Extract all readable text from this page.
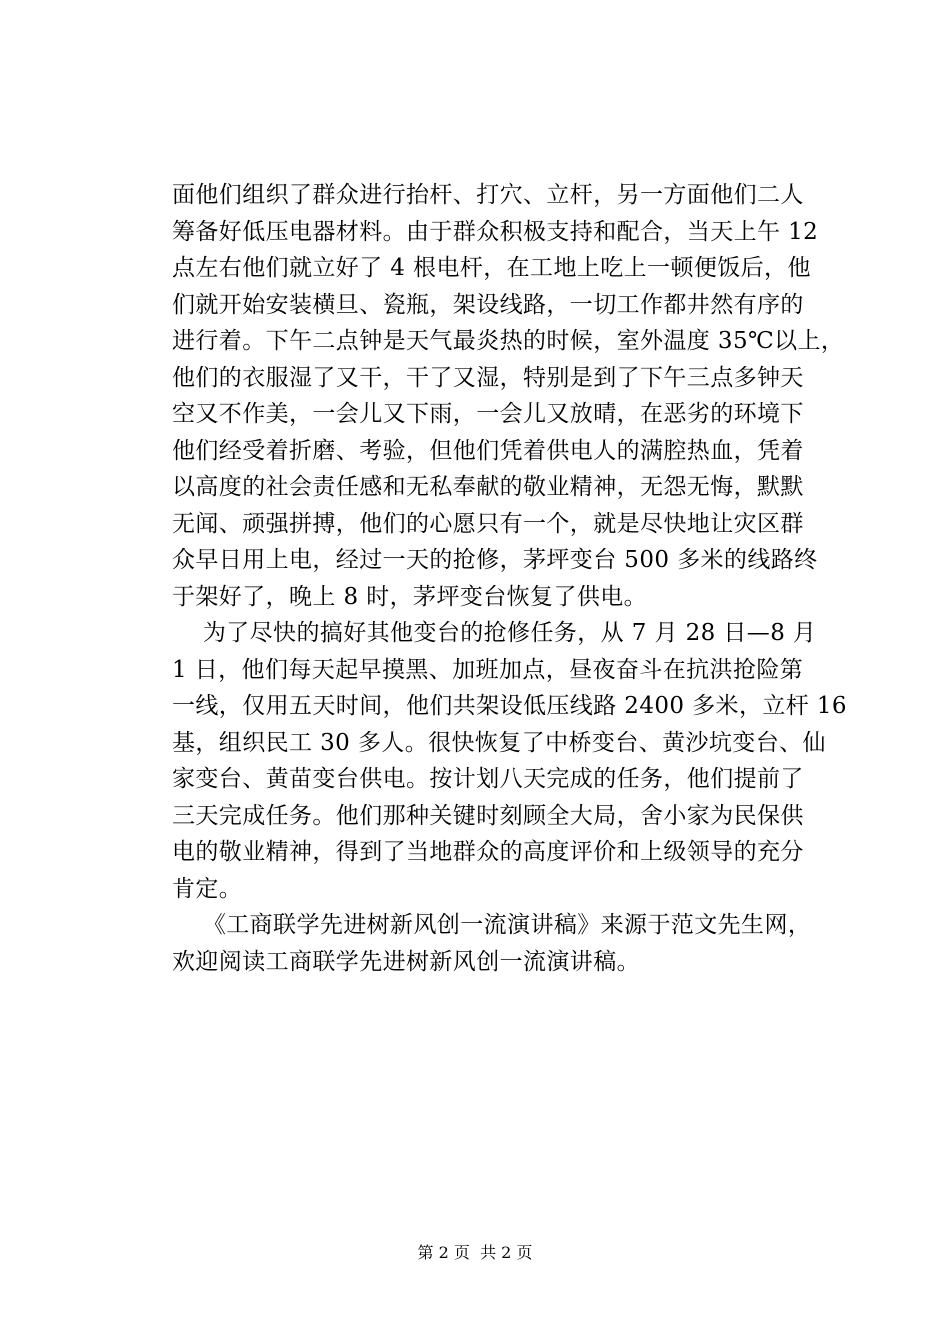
面他们组织了群众进行抬杆、打穴、立杆，另一方面他们二人
筹备好低压电器材料。由于群众积极支持和配合，当天上午 12
点左右他们就立好了 4 根电杆，在工地上吃上一顿便饭后，他
们就开始安装横旦、瓷瓶，架设线路，一切工作都井然有序的
进行着。下午二点钟是天气最炎热的时候，室外温度 35℃以上，
他们的衣服湿了又干，干了又湿，特别是到了下午三点多钟天
空又不作美，一会儿又下雨，一会儿又放晴，在恶劣的环境下
他们经受着折磨、考验，但他们凭着供电人的满腔热血，凭着
以高度的社会责任感和无私奉献的敬业精神，无怨无悔，默默
无闻、顽强拼搏，他们的心愿只有一个，就是尽快地让灾区群
众早日用上电，经过一天的抢修，茅坪变台 500 多米的线路终
于架好了，晚上 8 时，茅坪变台恢复了供电。
为了尽快的搞好其他变台的抢修任务，从 7 月 28 日—8 月
1 日，他们每天起早摸黑、加班加点，昼夜奋斗在抗洪抢险第
一线，仅用五天时间，他们共架设低压线路 2400 多米，立杆 16
基，组织民工 30 多人。很快恢复了中桥变台、黄沙坑变台、仙
家变台、黄苗变台供电。按计划八天完成的任务，他们提前了
三天完成任务。他们那种关键时刻顾全大局，舍小家为民保供
电的敬业精神，得到了当地群众的高度评价和上级领导的充分
肯定。
《工商联学先进树新风创一流演讲稿》来源于范文先生网，
欢迎阅读工商联学先进树新风创一流演讲稿。
第 2 页  共 2 页
